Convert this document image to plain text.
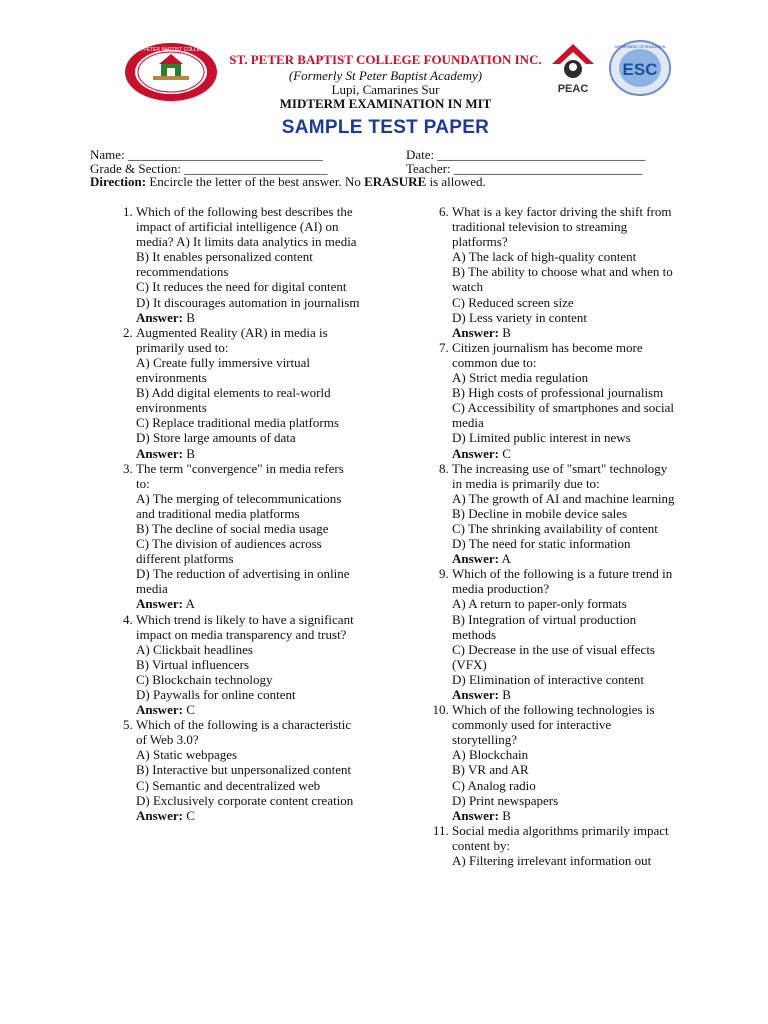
ST. PETER BAPTIST COLLEGE
ST. PETER BAPTIST COLLEGE FOUNDATION INC.
(Formerly St Peter Baptist Academy)
Lupi, Camarines Sur
MIDTERM EXAMINATION IN MIT
PEAC
ESC
DEPARTMENT OF EDUCATION
SAMPLE TEST PAPER
Name: ______________________________	Date: ________________________________
Grade & Section: ______________________	Teacher: _____________________________
Direction: Encircle the letter of the best answer. No ERASURE is allowed.
1. Which of the following best describes the impact of artificial intelligence (AI) on media? A) It limits data analytics in media
B) It enables personalized content recommendations
C) It reduces the need for digital content
D) It discourages automation in journalism
Answer: B
2. Augmented Reality (AR) in media is primarily used to:
A) Create fully immersive virtual environments
B) Add digital elements to real-world environments
C) Replace traditional media platforms
D) Store large amounts of data
Answer: B
3. The term "convergence" in media refers to:
A) The merging of telecommunications and traditional media platforms
B) The decline of social media usage
C) The division of audiences across different platforms
D) The reduction of advertising in online media
Answer: A
4. Which trend is likely to have a significant impact on media transparency and trust?
A) Clickbait headlines
B) Virtual influencers
C) Blockchain technology
D) Paywalls for online content
Answer: C
5. Which of the following is a characteristic of Web 3.0?
A) Static webpages
B) Interactive but unpersonalized content
C) Semantic and decentralized web
D) Exclusively corporate content creation
Answer: C
6. What is a key factor driving the shift from traditional television to streaming platforms?
A) The lack of high-quality content
B) The ability to choose what and when to watch
C) Reduced screen size
D) Less variety in content
Answer: B
7. Citizen journalism has become more common due to:
A) Strict media regulation
B) High costs of professional journalism
C) Accessibility of smartphones and social media
D) Limited public interest in news
Answer: C
8. The increasing use of "smart" technology in media is primarily due to:
A) The growth of AI and machine learning
B) Decline in mobile device sales
C) The shrinking availability of content
D) The need for static information
Answer: A
9. Which of the following is a future trend in media production?
A) A return to paper-only formats
B) Integration of virtual production methods
C) Decrease in the use of visual effects (VFX)
D) Elimination of interactive content
Answer: B
10. Which of the following technologies is commonly used for interactive storytelling?
A) Blockchain
B) VR and AR
C) Analog radio
D) Print newspapers
Answer: B
11. Social media algorithms primarily impact content by:
A) Filtering irrelevant information out
